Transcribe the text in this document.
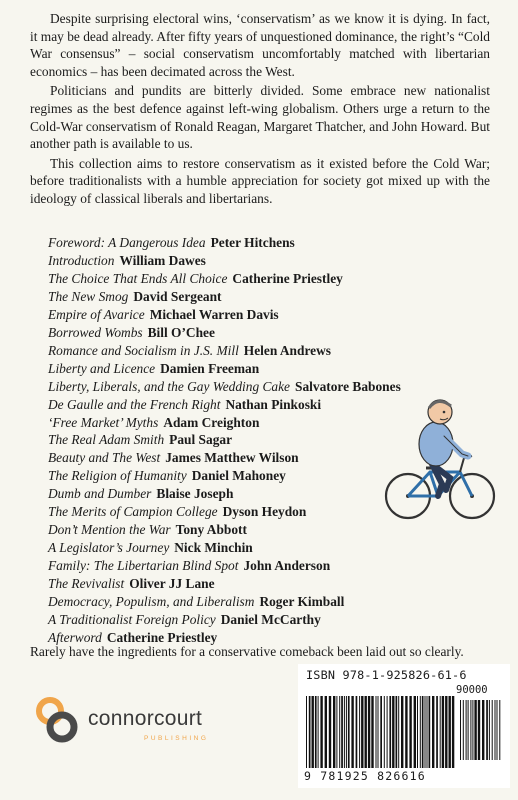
Despite surprising electoral wins, ‘conservatism’ as we know it is dying. In fact, it may be dead already. After fifty years of unquestioned dominance, the right’s “Cold War consensus” – social conservatism uncomfortably matched with libertarian economics – has been decimated across the West.

Politicians and pundits are bitterly divided. Some embrace new nationalist regimes as the best defence against left-wing globalism. Others urge a return to the Cold-War conservatism of Ronald Reagan, Margaret Thatcher, and John Howard. But another path is available to us.

This collection aims to restore conservatism as it existed before the Cold War; before traditionalists with a humble appreciation for society got mixed up with the ideology of classical liberals and libertarians.

Foreword: A Dangerous Idea Peter Hitchens
Introduction William Dawes
The Choice That Ends All Choice Catherine Priestley
The New Smog David Sergeant
Empire of Avarice Michael Warren Davis
Borrowed Wombs Bill O’Chee
Romance and Socialism in J.S. Mill Helen Andrews
Liberty and Licence Damien Freeman
Liberty, Liberals, and the Gay Wedding Cake Salvatore Babones
De Gaulle and the French Right Nathan Pinkoski
‘Free Market’ Myths Adam Creighton
The Real Adam Smith Paul Sagar
Beauty and The West James Matthew Wilson
The Religion of Humanity Daniel Mahoney
Dumb and Dumber Blaise Joseph
The Merits of Campion College Dyson Heydon
Don’t Mention the War Tony Abbott
A Legislator’s Journey Nick Minchin
Family: The Libertarian Blind Spot John Anderson
The Revivalist Oliver JJ Lane
Democracy, Populism, and Liberalism Roger Kimball
A Traditionalist Foreign Policy Daniel McCarthy
Afterword Catherine Priestley

Rarely have the ingredients for a conservative comeback been laid out so clearly.

connorcourt
PUBLISHING
ISBN 978-1-925826-61-6
90000
9 781925 826616
